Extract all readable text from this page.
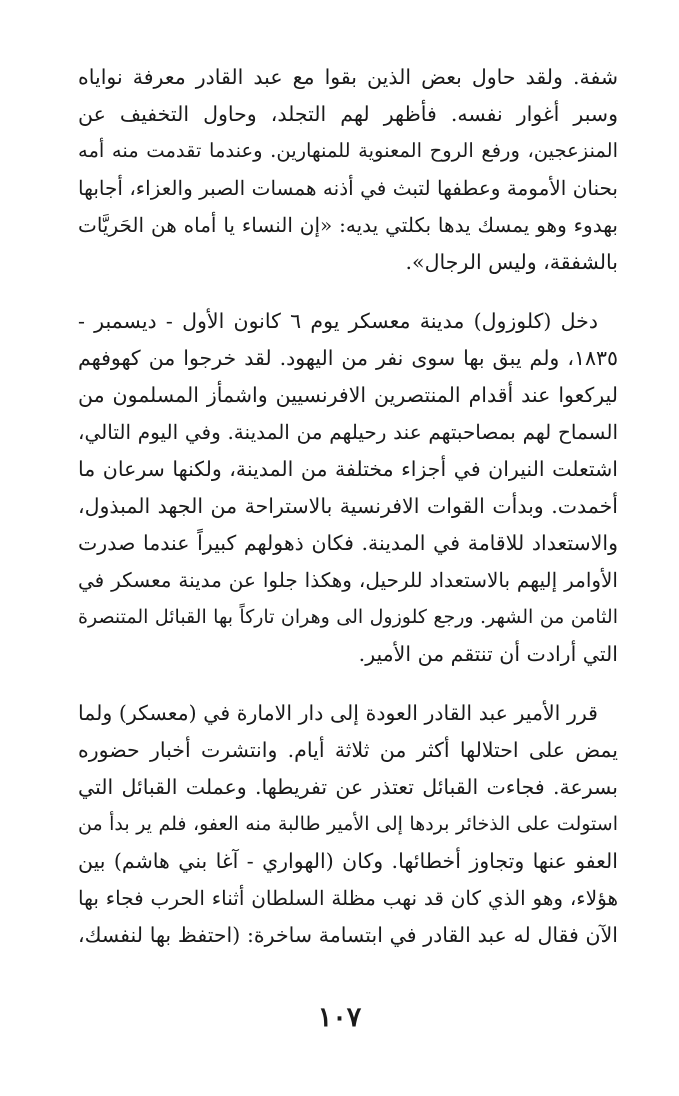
شفة. ولقد حاول بعض الذين بقوا مع عبد القادر معرفة نواياه
وسبر أغوار نفسه. فأظهر لهم التجلد، وحاول التخفيف عن
المنزعجين، ورفع الروح المعنوية للمنهارين. وعندما تقدمت منه أمه
بحنان الأمومة وعطفها لتبث في أذنه همسات الصبر والعزاء، أجابها
بهدوء وهو يمسك يدها بكلتي يديه: «إن النساء يا أماه هن الحَريَّات
بالشفقة، وليس الرجال».
دخل (كلوزول) مدينة معسكر يوم ٦ كانون الأول - ديسمبر -
١٨٣٥، ولم يبق بها سوى نفر من اليهود. لقد خرجوا من كهوفهم
ليركعوا عند أقدام المنتصرين الافرنسيين واشمأز المسلمون من
السماح لهم بمصاحبتهم عند رحيلهم من المدينة. وفي اليوم التالي،
اشتعلت النيران في أجزاء مختلفة من المدينة، ولكنها سرعان ما
أخمدت. وبدأت القوات الافرنسية بالاستراحة من الجهد المبذول،
والاستعداد للاقامة في المدينة. فكان ذهولهم كبيراً عندما صدرت
الأوامر إليهم بالاستعداد للرحيل، وهكذا جلوا عن مدينة معسكر في
الثامن من الشهر. ورجع كلوزول الى وهران تاركاً بها القبائل المتنصرة
التي أرادت أن تنتقم من الأمير.
قرر الأمير عبد القادر العودة إلى دار الامارة في (معسكر) ولما
يمض على احتلالها أكثر من ثلاثة أيام. وانتشرت أخبار حضوره
بسرعة. فجاءت القبائل تعتذر عن تفريطها. وعملت القبائل التي
استولت على الذخائر بردها إلى الأمير طالبة منه العفو، فلم ير بدأ من
العفو عنها وتجاوز أخطائها. وكان (الهواري - آغا بني هاشم) بين
هؤلاء، وهو الذي كان قد نهب مظلة السلطان أثناء الحرب فجاء بها
الآن فقال له عبد القادر في ابتسامة ساخرة: (احتفظ بها لنفسك،
١٠٧
